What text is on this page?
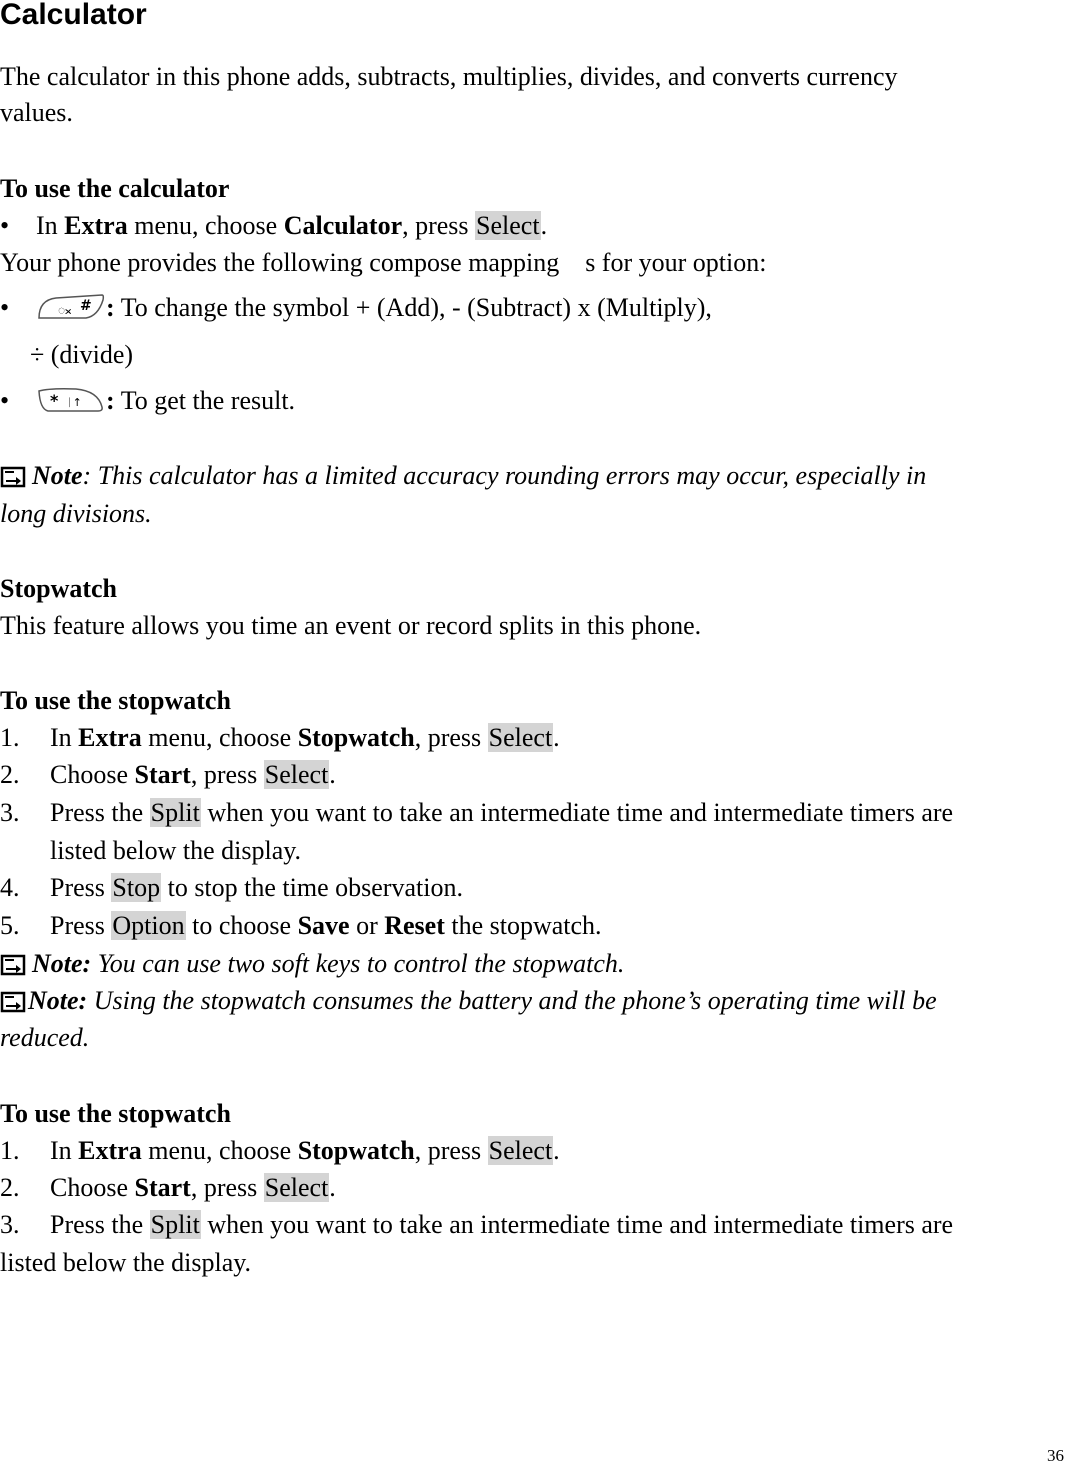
Calculator
The calculator in this phone adds, subtracts, multiplies, divides, and converts currency
values.
To use the calculator
• In Extra menu, choose Calculator, press Select.
Your phone provides the following compose mapping　s for your option:
•	ᯬ # : To change the symbol + (Add), - (Subtract) x (Multiply),
÷ (divide)
•	* ᛁ↑ : To get the result.
Note: This calculator has a limited accuracy rounding errors may occur, especially in
long divisions.
Stopwatch
This feature allows you time an event or record splits in this phone.
To use the stopwatch
1. In Extra menu, choose Stopwatch, press Select.
2. Choose Start, press Select.
3. Press the Split when you want to take an intermediate time and intermediate timers are
listed below the display.
4. Press Stop to stop the time observation.
5. Press Option to choose Save or Reset the stopwatch.
Note: You can use two soft keys to control the stopwatch.
Note: Using the stopwatch consumes the battery and the phone’s operating time will be
reduced.
To use the stopwatch
1. In Extra menu, choose Stopwatch, press Select.
2. Choose Start, press Select.
3. Press the Split when you want to take an intermediate time and intermediate timers are
listed below the display.
36
